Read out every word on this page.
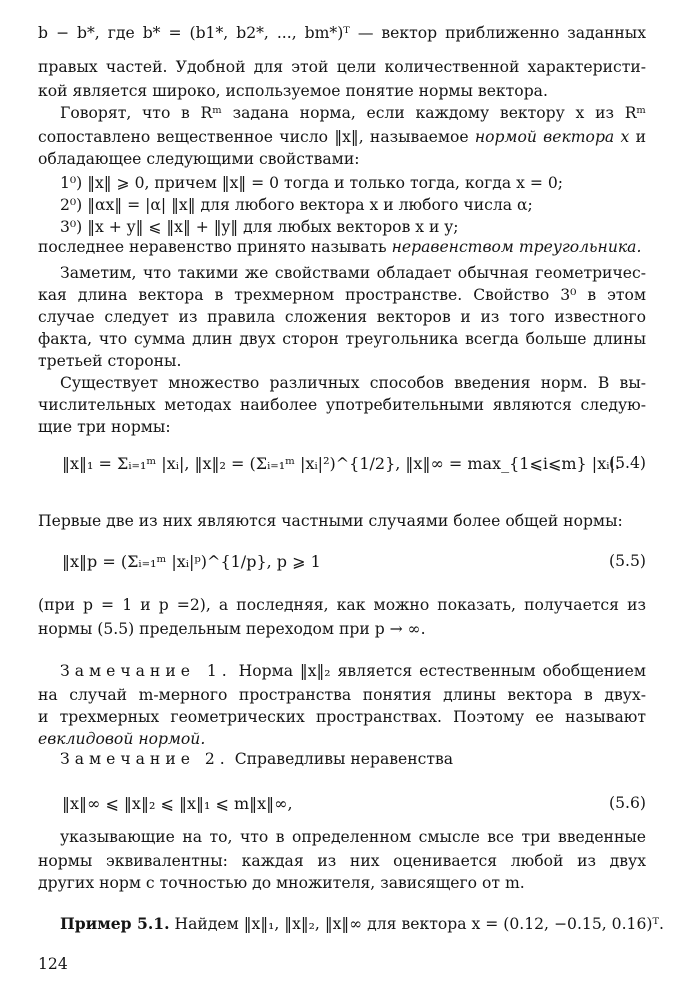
b − b*, где b* = (b1*, b2*, ..., bm*)ᵀ — вектор приближенно заданных
правых частей. Удобной для этой цели количественной характеристи-
кой является широко, используемое понятие нормы вектора.
Говорят, что в Rᵐ задана норма, если каждому вектору x из Rᵐ
сопоставлено вещественное число ‖x‖, называемое нормой вектора x и
обладающее следующими свойствами:
1⁰) ‖x‖ ⩾ 0, причем ‖x‖ = 0 тогда и только тогда, когда x = 0;
2⁰) ‖αx‖ = |α| ‖x‖ для любого вектора x и любого числа α;
3⁰) ‖x + y‖ ⩽ ‖x‖ + ‖y‖ для любых векторов x и y;
последнее неравенство принято называть неравенством треугольника.
Заметим, что такими же свойствами обладает обычная геометричес-
кая длина вектора в трехмерном пространстве. Свойство 3⁰ в этом
случае следует из правила сложения векторов и из того известного
факта, что сумма длин двух сторон треугольника всегда больше длины
третьей стороны.
Существует множество различных способов введения норм. В вы-
числительных методах наиболее употребительными являются следую-
щие три нормы:
‖x‖₁ = Σᵢ₌₁ᵐ |xᵢ|, ‖x‖₂ = (Σᵢ₌₁ᵐ |xᵢ|²)^{1/2}, ‖x‖∞ = max_{1⩽i⩽m} |xᵢ|.
(5.4)
Первые две из них являются частными случаями более общей нормы:
‖x‖p = (Σᵢ₌₁ᵐ |xᵢ|ᵖ)^{1/p}, p ⩾ 1	(5.5)
(при p = 1 и p =2), а последняя, как можно показать, получается из
нормы (5.5) предельным переходом при p → ∞.
Замечание 1. Норма ‖x‖₂ является естественным обобщением
на случай m-мерного пространства понятия длины вектора в двух-
и трехмерных геометрических пространствах. Поэтому ее называют
евклидовой нормой.
Замечание 2. Справедливы неравенства
‖x‖∞ ⩽ ‖x‖₂ ⩽ ‖x‖₁ ⩽ m‖x‖∞,	(5.6)
указывающие на то, что в определенном смысле все три введенные
нормы эквивалентны: каждая из них оценивается любой из двух
других норм с точностью до множителя, зависящего от m.
Пример 5.1. Найдем ‖x‖₁, ‖x‖₂, ‖x‖∞ для вектора x = (0.12, −0.15, 0.16)ᵀ.
124
